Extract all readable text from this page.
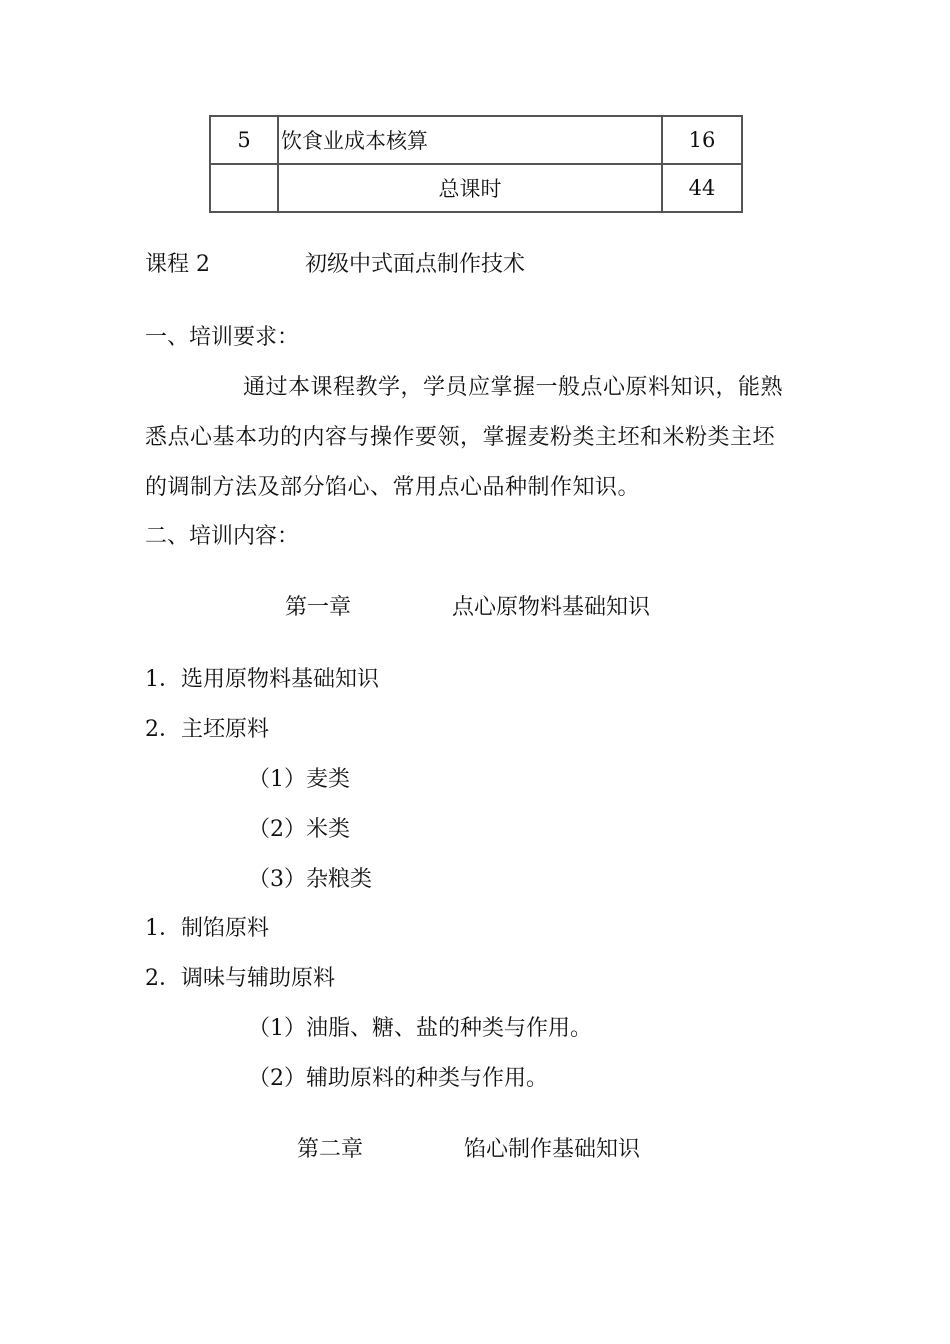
5	饮食业成本核算	16
	总课时	44
课程 2	初级中式面点制作技术
一、培训要求：
通过本课程教学，学员应掌握一般点心原料知识，能熟
悉点心基本功的内容与操作要领，掌握麦粉类主坯和米粉类主坯
的调制方法及部分馅心、常用点心品种制作知识。
二、培训内容：
第一章	点心原物料基础知识
1．选用原物料基础知识
2．主坯原料
（1）麦类
（2）米类
（3）杂粮类
1．制馅原料
2．调味与辅助原料
（1）油脂、糖、盐的种类与作用。
（2）辅助原料的种类与作用。
第二章	馅心制作基础知识
